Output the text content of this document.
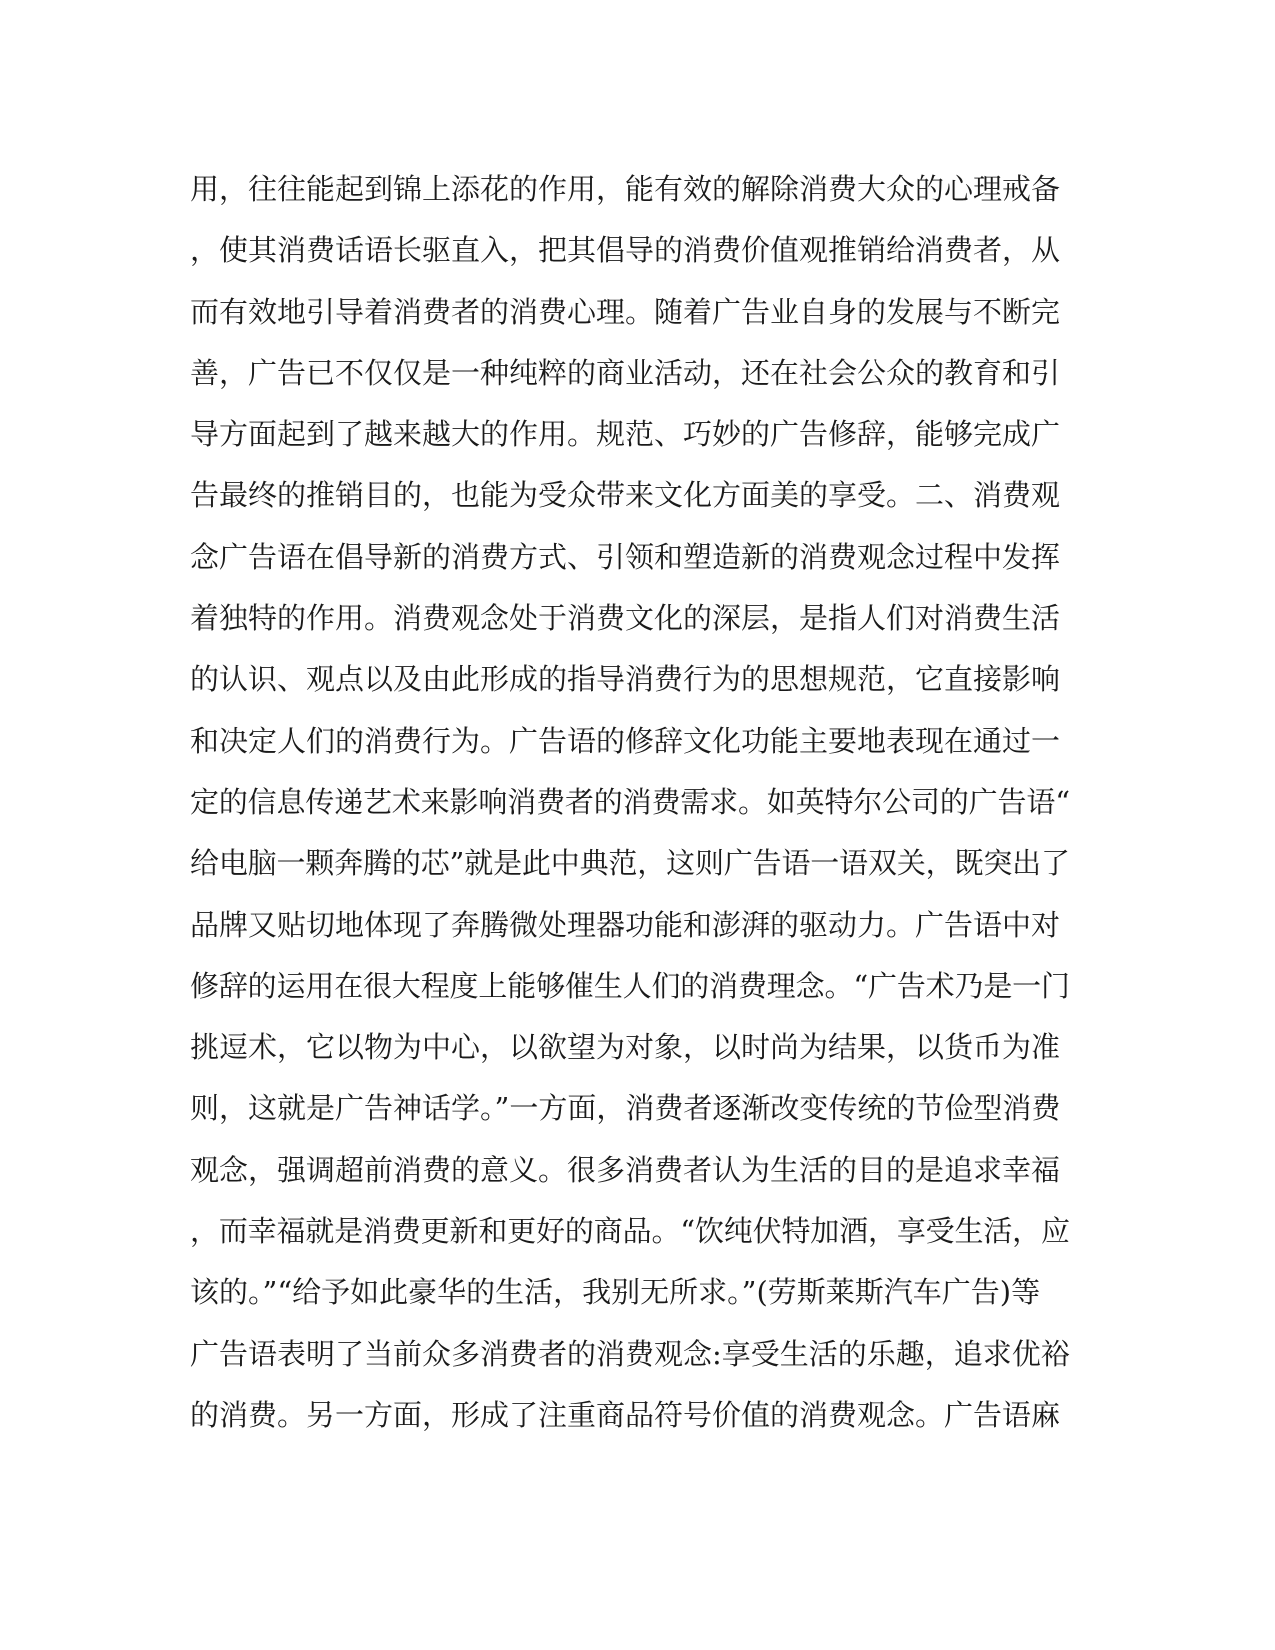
用，往往能起到锦上添花的作用，能有效的解除消费大众的心理戒备
，使其消费话语长驱直入，把其倡导的消费价值观推销给消费者，从
而有效地引导着消费者的消费心理。随着广告业自身的发展与不断完
善，广告已不仅仅是一种纯粹的商业活动，还在社会公众的教育和引
导方面起到了越来越大的作用。规范、巧妙的广告修辞，能够完成广
告最终的推销目的，也能为受众带来文化方面美的享受。二、消费观
念广告语在倡导新的消费方式、引领和塑造新的消费观念过程中发挥
着独特的作用。消费观念处于消费文化的深层，是指人们对消费生活
的认识、观点以及由此形成的指导消费行为的思想规范，它直接影响
和决定人们的消费行为。广告语的修辞文化功能主要地表现在通过一
定的信息传递艺术来影响消费者的消费需求。如英特尔公司的广告语“
给电脑一颗奔腾的芯”就是此中典范，这则广告语一语双关，既突出了
品牌又贴切地体现了奔腾微处理器功能和澎湃的驱动力。广告语中对
修辞的运用在很大程度上能够催生人们的消费理念。“广告术乃是一门
挑逗术，它以物为中心，以欲望为对象，以时尚为结果，以货币为准
则，这就是广告神话学。”一方面，消费者逐渐改变传统的节俭型消费
观念，强调超前消费的意义。很多消费者认为生活的目的是追求幸福
，而幸福就是消费更新和更好的商品。“饮纯伏特加酒，享受生活，应
该的。”“给予如此豪华的生活，我别无所求。”(劳斯莱斯汽车广告)等
广告语表明了当前众多消费者的消费观念:享受生活的乐趣，追求优裕
的消费。另一方面，形成了注重商品符号价值的消费观念。广告语麻
